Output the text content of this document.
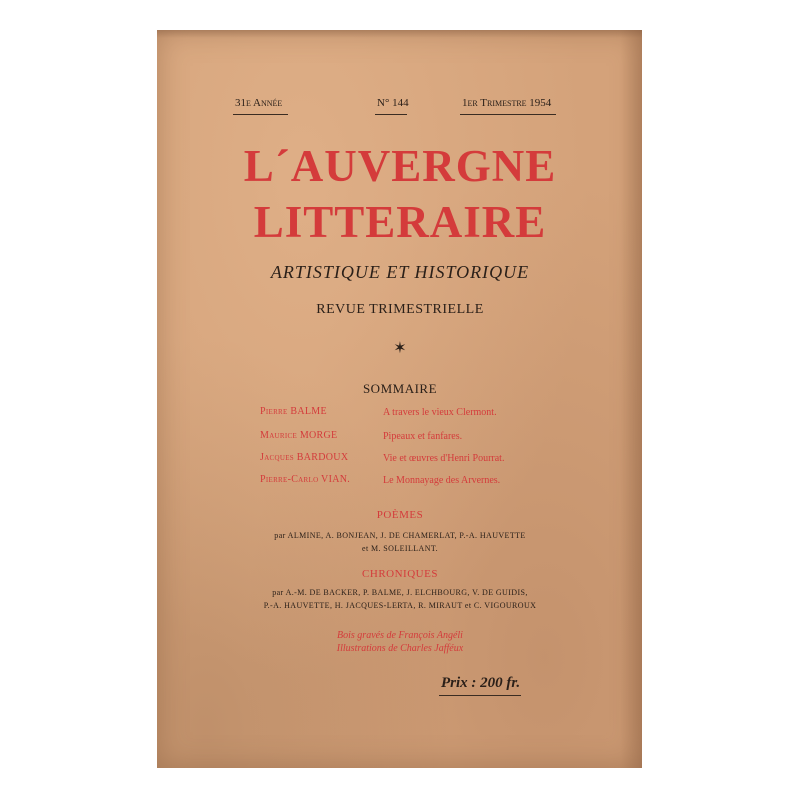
31e Année	N° 144	1er Trimestre 1954
L´AUVERGNE
LITTERAIRE
ARTISTIQUE ET HISTORIQUE
REVUE TRIMESTRIELLE
✶
SOMMAIRE
Pierre BALME	A travers le vieux Clermont.
Maurice MORGE	Pipeaux et fanfares.
Jacques BARDOUX	Vie et œuvres d'Henri Pourrat.
Pierre-Carlo VIAN.	Le Monnayage des Arvernes.
POÈMES
par ALMINE, A. BONJEAN, J. DE CHAMERLAT, P.-A. HAUVETTE
et M. SOLEILLANT.
CHRONIQUES
par A.-M. DE BACKER, P. BALME, J. ELCHBOURG, V. DE GUIDIS,
P.-A. HAUVETTE, H. JACQUES-LERTA, R. MIRAUT et C. VIGOUROUX
Bois gravés de François Angéli
Illustrations de Charles Jafféux
Prix : 200 fr.
